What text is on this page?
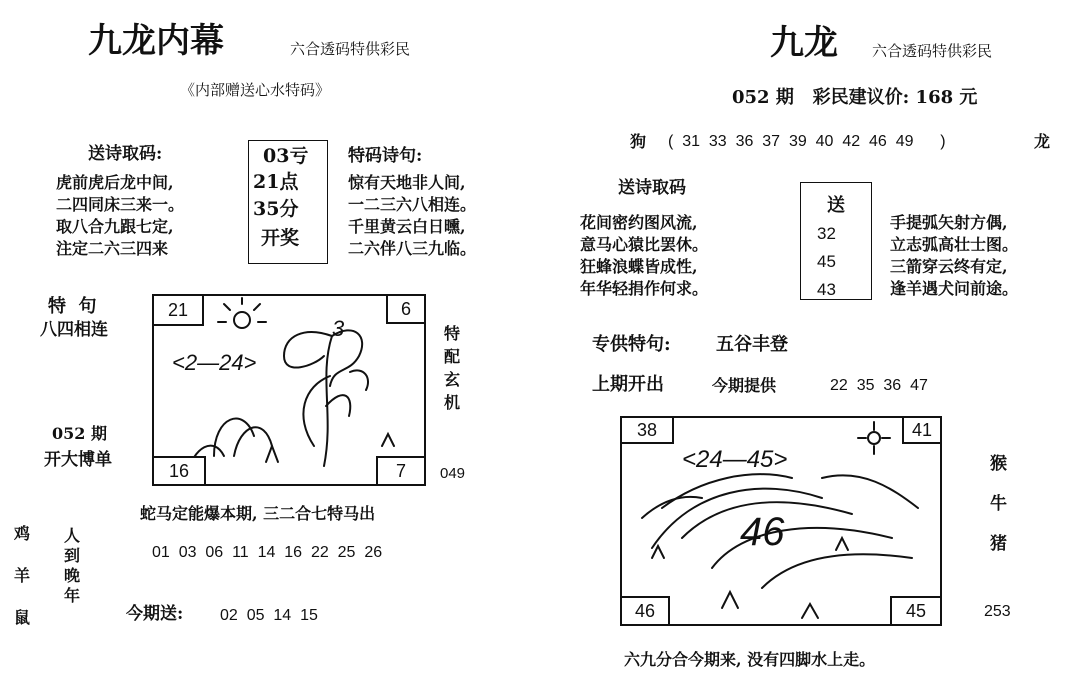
九龙内幕	六合透码特供彩民
《内部赠送心水特码》
送诗取码:
虎前虎后龙中间,
二四同床三来一。
取八合九跟七定,
注定二六三四来
03亏
21点
35分
开奖
特码诗句:
惊有天地非人间,
一二三六八相连。
千里黄云白日曛,
二六伴八三九临。
特  句
八四相连
052 期
开大博单
21	6
16	7
<2—24>
3	特
配
玄
机
049
蛇马定能爆本期, 三二合七特马出
01  03  06  11  14  16  22  25  26
鸡
羊
鼠
人
到
晚
年
今期送: 02  05  14  15
九龙 六合透码特供彩民
052 期   彩民建议价: 168 元
狗 (  31  33  36  37  39  40  42  46  49      )	龙
送诗取码
花间密约图风流,
意马心猿比罢休。
狂蜂浪蝶皆成性,
年华轻捐作何求。
送
32
45
43
手提弧矢射方偶,
立志弧高壮士图。
三箭穿云终有定,
逢羊遇犬问前途。
专供特句:	五谷丰登
上期开出	今期提供	22  35  36  47
38	41
46	45
<24—45>
46
猴
牛
猪
253
六九分合今期来, 没有四脚水上走。
